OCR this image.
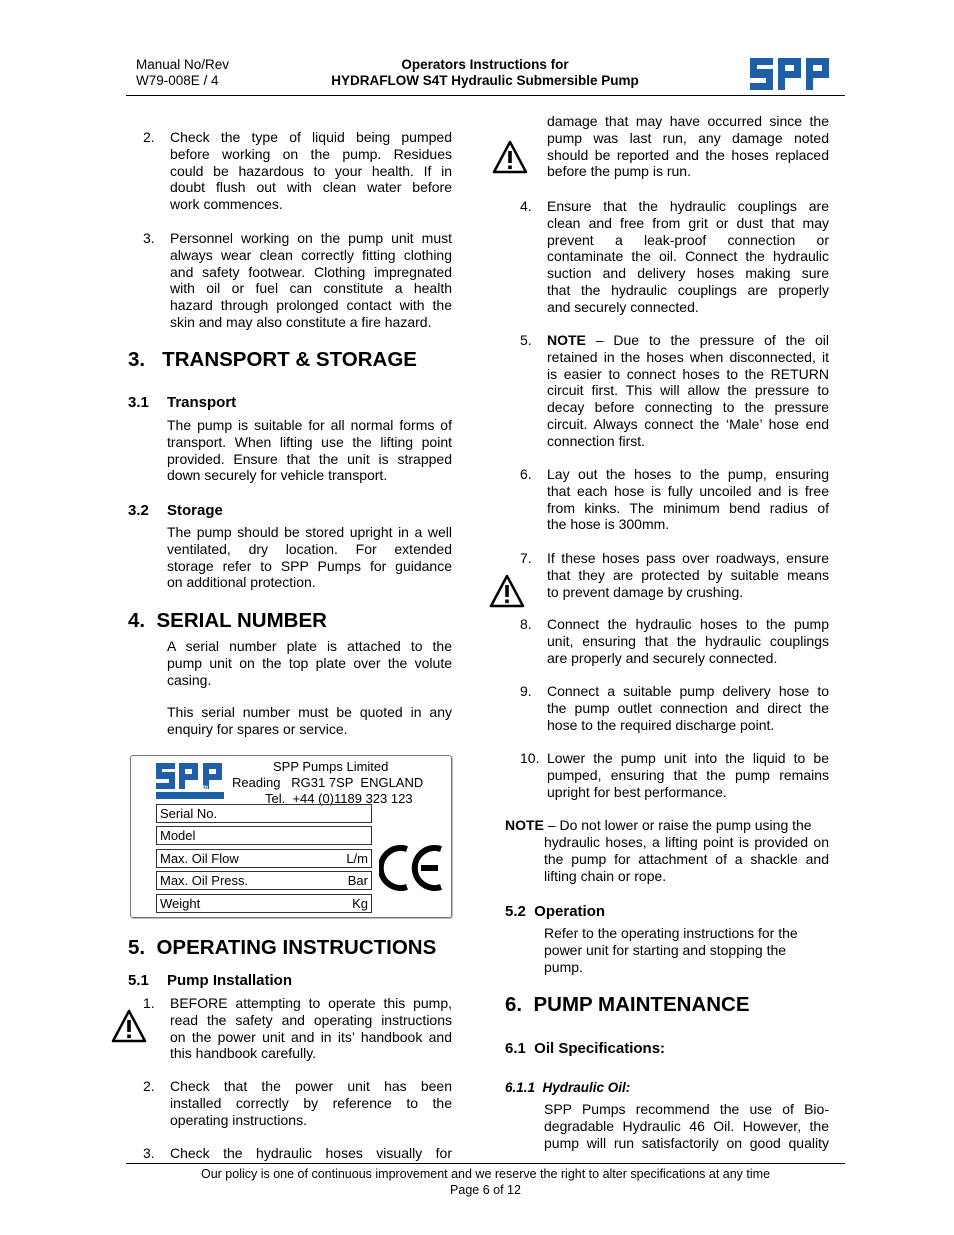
Manual No/Rev
W79-008E / 4
Operators Instructions for
HYDRAFLOW S4T Hydraulic Submersible Pump
2. Check the type of liquid being pumped
before working on the pump. Residues
could be hazardous to your health. If in
doubt flush out with clean water before
work commences.
3. Personnel working on the pump unit must
always wear clean correctly fitting clothing
and safety footwear. Clothing impregnated
with oil or fuel can constitute a health
hazard through prolonged contact with the
skin and may also constitute a fire hazard.
3.   TRANSPORT & STORAGE
3.1 Transport
The pump is suitable for all normal forms of
transport. When lifting use the lifting point
provided. Ensure that the unit is strapped
down securely for vehicle transport.
3.2 Storage
The pump should be stored upright in a well
ventilated, dry location. For extended
storage refer to SPP Pumps for guidance
on additional protection.
4.  SERIAL NUMBER
A serial number plate is attached to the
pump unit on the top plate over the volute
casing.
This serial number must be quoted in any
enquiry for spares or service.
PUMPS
SPP Pumps Limited
Reading   RG31 7SP  ENGLAND
Tel.  +44 (0)1189 323 123
Serial No.
Model
Max. Oil Flow	L/m
Max. Oil Press.	Bar
Weight	Kg
5.  OPERATING INSTRUCTIONS
5.1 Pump Installation
1. BEFORE attempting to operate this pump,
read the safety and operating instructions
on the power unit and in its’ handbook and
this handbook carefully.
2. Check that the power unit has been
installed correctly by reference to the
operating instructions.
3. Check the hydraulic hoses visually for
damage that may have occurred since the
pump was last run, any damage noted
should be reported and the hoses replaced
before the pump is run.
4. Ensure that the hydraulic couplings are
clean and free from grit or dust that may
prevent a leak-proof connection or
contaminate the oil. Connect the hydraulic
suction and delivery hoses making sure
that the hydraulic couplings are properly
and securely connected.
5. NOTE – Due to the pressure of the oil
retained in the hoses when disconnected, it
is easier to connect hoses to the RETURN
circuit first. This will allow the pressure to
decay before connecting to the pressure
circuit. Always connect the ‘Male’ hose end
connection first.
6. Lay out the hoses to the pump, ensuring
that each hose is fully uncoiled and is free
from kinks. The minimum bend radius of
the hose is 300mm.
7. If these hoses pass over roadways, ensure
that they are protected by suitable means
to prevent damage by crushing.
8. Connect the hydraulic hoses to the pump
unit, ensuring that the hydraulic couplings
are properly and securely connected.
9. Connect a suitable pump delivery hose to
the pump outlet connection and direct the
hose to the required discharge point.
10. Lower the pump unit into the liquid to be
pumped, ensuring that the pump remains
upright for best performance.
NOTE – Do not lower or raise the pump using the
hydraulic hoses, a lifting point is provided on
the pump for attachment of a shackle and
lifting chain or rope.
5.2  Operation
Refer to the operating instructions for the
power unit for starting and stopping the
pump.
6.  PUMP MAINTENANCE
6.1  Oil Specifications:
6.1.1  Hydraulic Oil:
SPP Pumps recommend the use of Bio-
degradable Hydraulic 46 Oil. However, the
pump will run satisfactorily on good quality
Our policy is one of continuous improvement and we reserve the right to alter specifications at any time
Page 6 of 12
